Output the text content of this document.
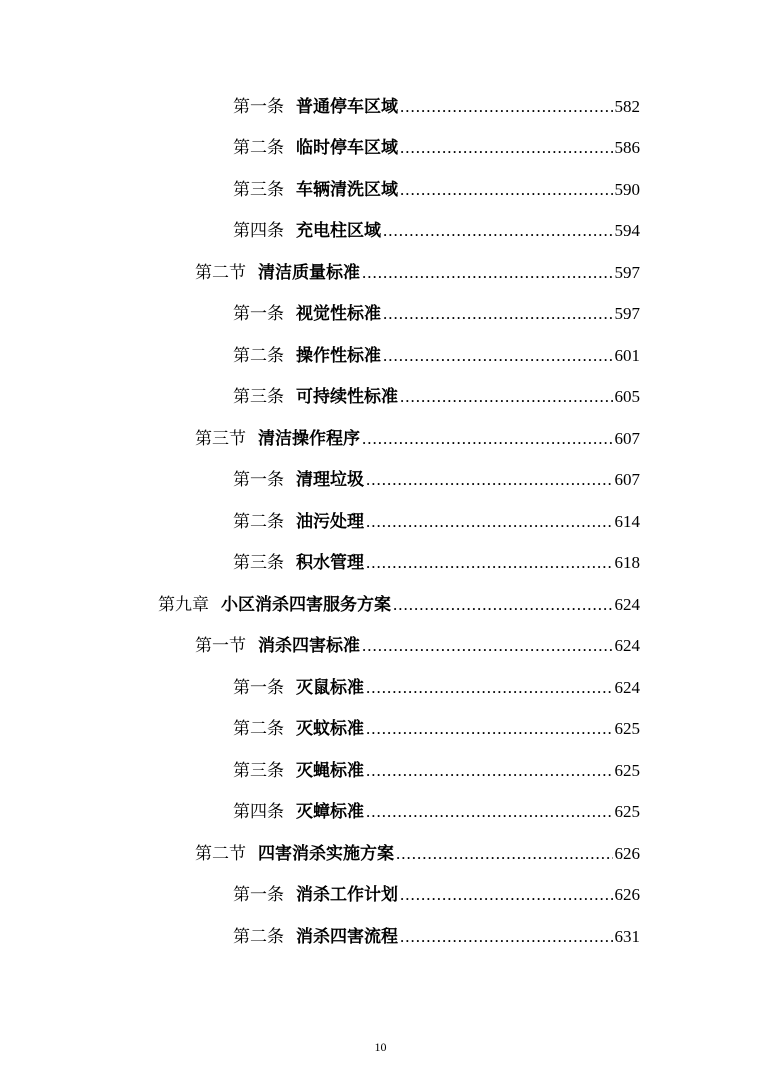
第一条 普通停车区域 .....	582
第二条 临时停车区域 .....	586
第三条 车辆清洗区域 .....	590
第四条 充电柱区域 .....	594
第二节 清洁质量标准 .....	597
第一条 视觉性标准 .....	597
第二条 操作性标准 .....	601
第三条 可持续性标准 .....	605
第三节 清洁操作程序 .....	607
第一条 清理垃圾 .....	607
第二条 油污处理 .....	614
第三条 积水管理 .....	618
第九章 小区消杀四害服务方案 .....	624
第一节 消杀四害标准 .....	624
第一条 灭鼠标准 .....	624
第二条 灭蚊标准 .....	625
第三条 灭蝇标准 .....	625
第四条 灭蟑标准 .....	625
第二节 四害消杀实施方案 .....	626
第一条 消杀工作计划 .....	626
第二条 消杀四害流程 .....	631
10
